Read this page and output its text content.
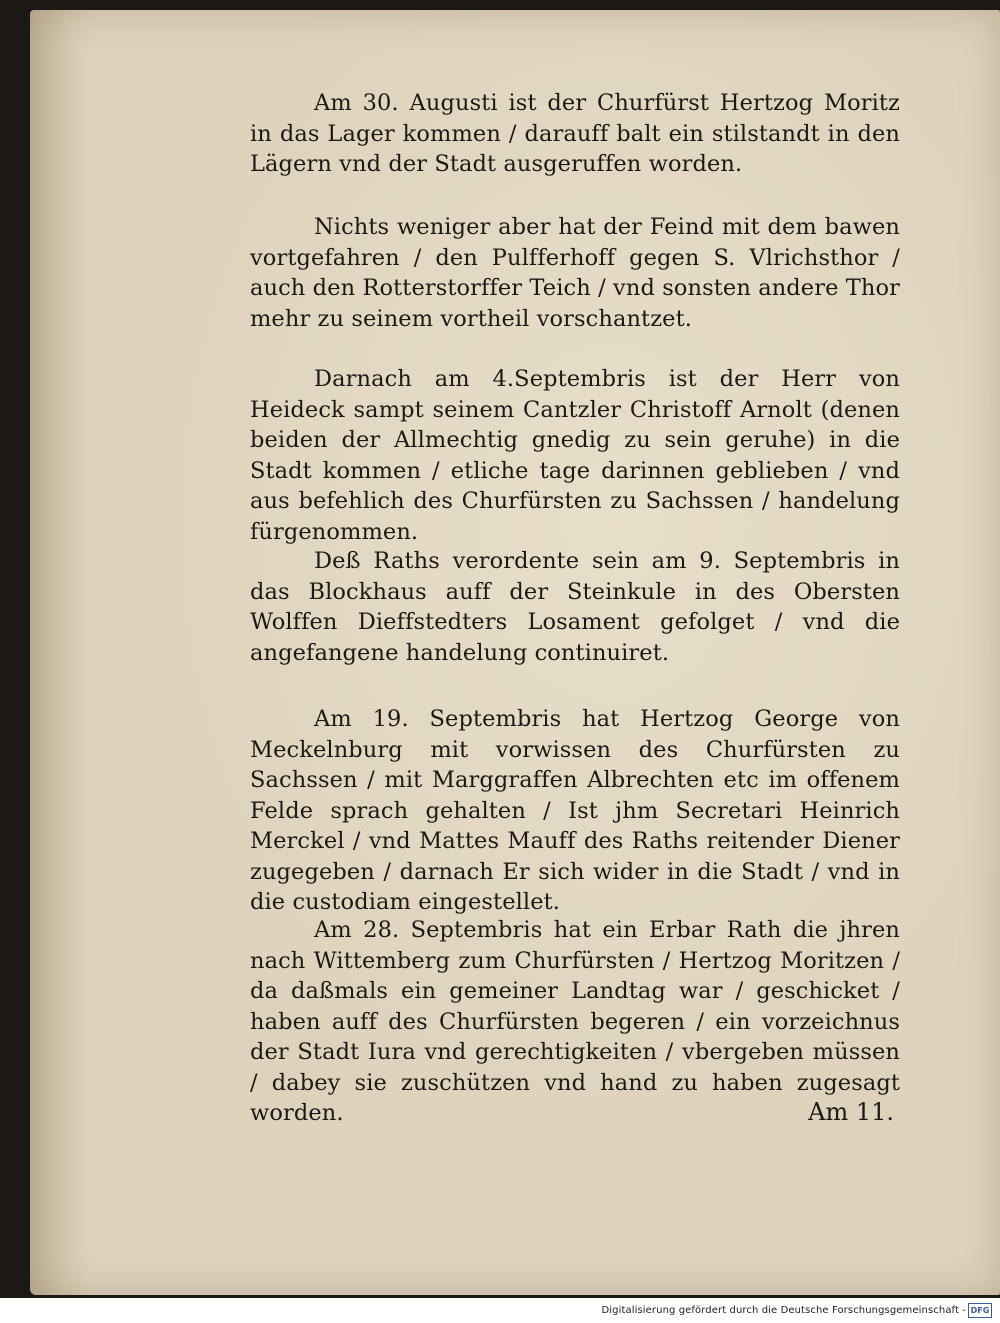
Am 30. Augusti ist der Churfürst Hertzog Moritz in das Lager kommen / darauff balt ein stilstandt in den Lägern vnd der Stadt ausgeruffen worden.

Nichts weniger aber hat der Feind mit dem bawen vortgefahren / den Pulfferhoff gegen S. Vlrichsthor / auch den Rotterstorffer Teich / vnd sonsten andere Thor mehr zu seinem vortheil vorschantzet.

Darnach am 4.Septembris ist der Herr von Heideck sampt seinem Cantzler Christoff Arnolt (denen beiden der Allmechtig gnedig zu sein geruhe) in die Stadt kommen / etliche tage darinnen geblieben / vnd aus befehlich des Churfürsten zu Sachssen / handelung fürgenommen.

Deß Raths verordente sein am 9. Septembris in das Blockhaus auff der Steinkule in des Obersten Wolffen Dieffstedters Losament gefolget / vnd die angefangene handelung continuiret.

Am 19. Septembris hat Hertzog George von Meckelnburg mit vorwissen des Churfürsten zu Sachssen / mit Marggraffen Albrechten etc im offenem Felde sprach gehalten / Ist jhm Secretari Heinrich Merckel / vnd Mattes Mauff des Raths reitender Diener zugegeben / darnach Er sich wider in die Stadt / vnd in die custodiam eingestellet.

Am 28. Septembris hat ein Erbar Rath die jhren nach Wittemberg zum Churfürsten / Hertzog Moritzen / da daßmals ein gemeiner Landtag war / geschicket / haben auff des Churfürsten begeren / ein vorzeichnus der Stadt Iura vnd gerechtigkeiten / vbergeben müssen / dabey sie zuschützen vnd hand zu haben zugesagt worden.	Am 11.
Digitalisierung gefördert durch die Deutsche Forschungsgemeinschaft - DFG
